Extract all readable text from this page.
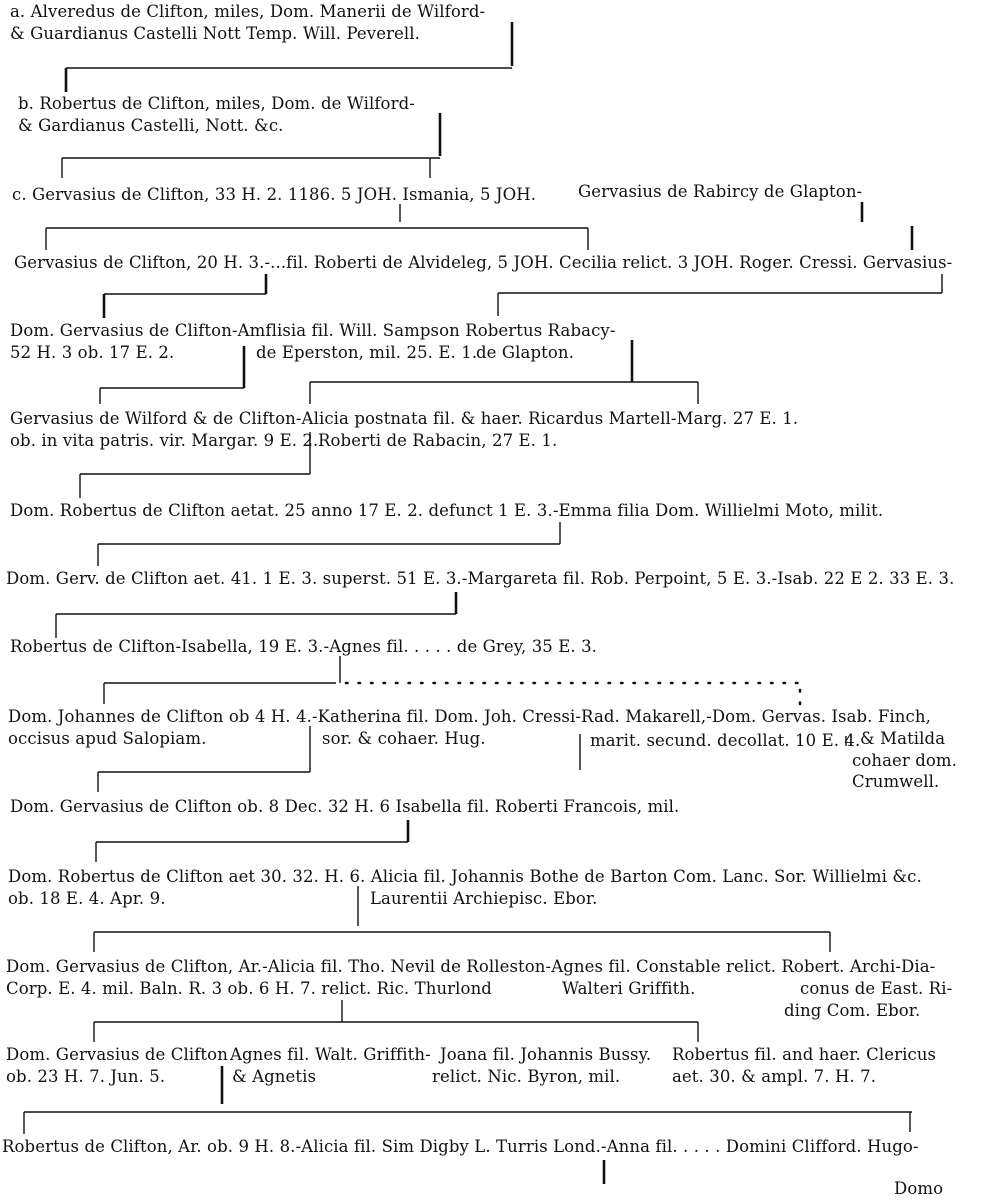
a. Alveredus de Clifton, miles, Dom. Manerii de Wilford-
& Guardianus Castelli Nott Temp. Will. Peverell.
b. Robertus de Clifton, miles, Dom. de Wilford-
& Gardianus Castelli, Nott. &c.
c. Gervasius de Clifton, 33 H. 2. 1186. 5 JOH. Ismania, 5 JOH.	Gervasius de Rabircy de Glapton-
Gervasius de Clifton, 20 H. 3.-...fil. Roberti de Alvideleg, 5 JOH. Cecilia relict. 3 JOH. Roger. Cressi. Gervasius-
Dom. Gervasius de Clifton-Amflisia fil. Will. Sampson Robertus Rabacy-
52 H. 3 ob. 17 E. 2.	de Eperston, mil. 25. E. 1.
de Glapton.
Gervasius de Wilford & de Clifton-Alicia postnata fil. & haer. Ricardus Martell-Marg. 27 E. 1.
ob. in vita patris. vir. Margar. 9 E. 2. Roberti de Rabacin, 27 E. 1.
Dom. Robertus de Clifton aetat. 25 anno 17 E. 2. defunct 1 E. 3.-Emma filia Dom. Willielmi Moto, milit.
Dom. Gerv. de Clifton aet. 41. 1 E. 3. superst. 51 E. 3.-Margareta fil. Rob. Perpoint, 5 E. 3.-Isab. 22 E 2. 33 E. 3.
Robertus de Clifton-Isabella, 19 E. 3.-Agnes fil. . . . . de Grey, 35 E. 3.
Dom. Johannes de Clifton ob 4 H. 4.-Katherina fil. Dom. Joh. Cressi-Rad. Makarell,-Dom. Gervas. Isab. Finch,
occisus apud Salopiam.	sor. & cohaer. Hug.	marit. secund. decollat. 10 E. 4. & Matilda
cohaer dom.
Crumwell.
Dom. Gervasius de Clifton ob. 8 Dec. 32 H. 6 Isabella fil. Roberti Francois, mil.
Dom. Robertus de Clifton aet 30. 32. H. 6. Alicia fil. Johannis Bothe de Barton Com. Lanc. Sor. Willielmi &c.
ob. 18 E. 4. Apr. 9.	Laurentii Archiepisc. Ebor.
Dom. Gervasius de Clifton, Ar.-Alicia fil. Tho. Nevil de Rolleston-Agnes fil. Constable relict. Robert. Archi-Dia-
Corp. E. 4. mil. Baln. R. 3 ob. 6 H. 7. relict. Ric. Thurlond	Walteri Griffith.	conus de East. Ri-
ding Com. Ebor.
Dom. Gervasius de Clifton
ob. 23 H. 7. Jun. 5.
Agnes fil. Walt. Griffith-
& Agnetis
Joana fil. Johannis Bussy.
relict. Nic. Byron, mil.
Robertus fil. and haer. Clericus
aet. 30. & ampl. 7. H. 7.
Robertus de Clifton, Ar. ob. 9 H. 8.-Alicia fil. Sim Digby L. Turris Lond.-Anna fil. . . . . Domini Clifford. Hugo-
Domo
